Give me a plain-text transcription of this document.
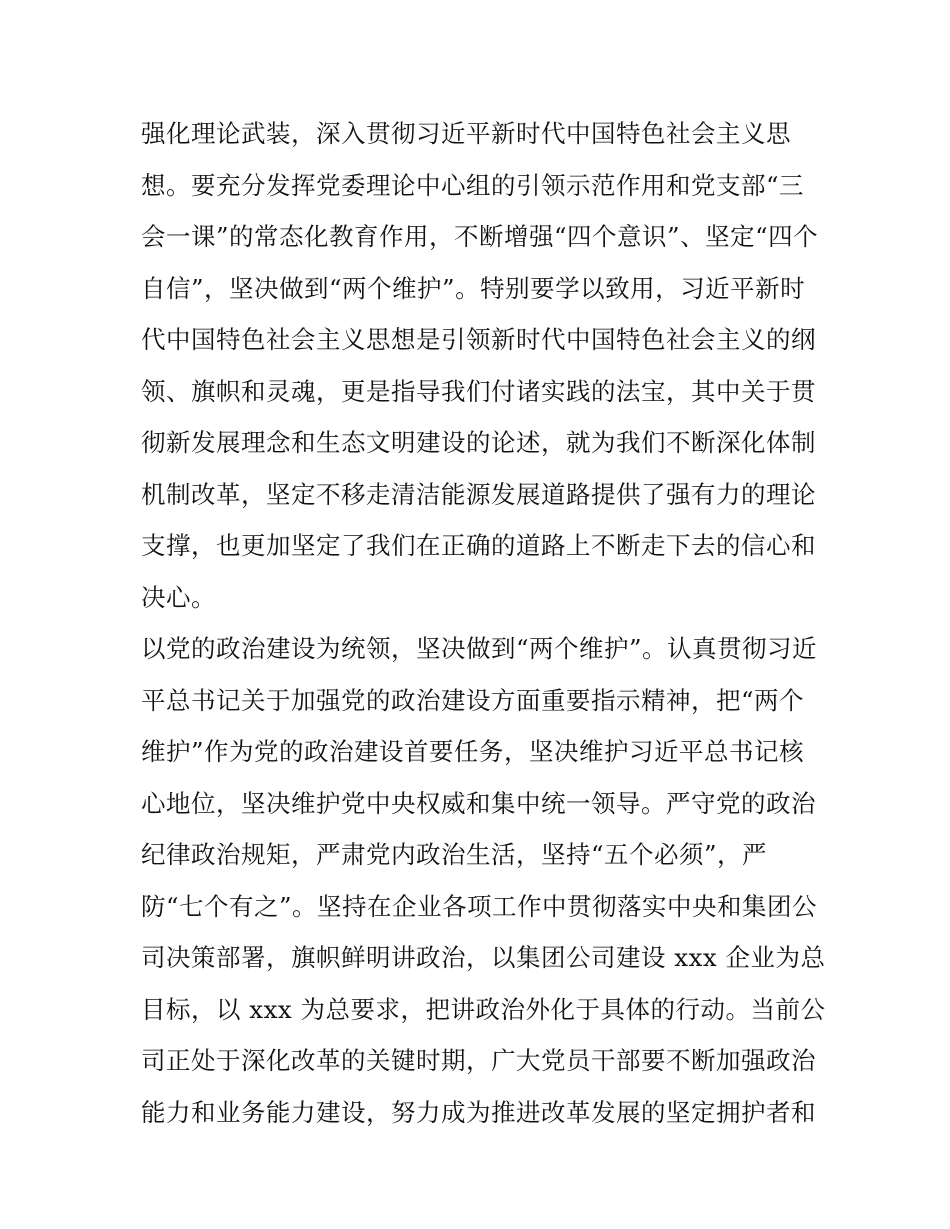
强化理论武装，深入贯彻习近平新时代中国特色社会主义思
想。要充分发挥党委理论中心组的引领示范作用和党支部“三
会一课”的常态化教育作用，不断增强“四个意识”、坚定“四个
自信”，坚决做到“两个维护”。特别要学以致用，习近平新时
代中国特色社会主义思想是引领新时代中国特色社会主义的纲
领、旗帜和灵魂，更是指导我们付诸实践的法宝，其中关于贯
彻新发展理念和生态文明建设的论述，就为我们不断深化体制
机制改革，坚定不移走清洁能源发展道路提供了强有力的理论
支撑，也更加坚定了我们在正确的道路上不断走下去的信心和
决心。
以党的政治建设为统领，坚决做到“两个维护”。认真贯彻习近
平总书记关于加强党的政治建设方面重要指示精神，把“两个
维护”作为党的政治建设首要任务，坚决维护习近平总书记核
心地位，坚决维护党中央权威和集中统一领导。严守党的政治
纪律政治规矩，严肃党内政治生活，坚持“五个必须”，严
防“七个有之”。坚持在企业各项工作中贯彻落实中央和集团公
司决策部署，旗帜鲜明讲政治，以集团公司建设 xxx 企业为总
目标，以 xxx 为总要求，把讲政治外化于具体的行动。当前公
司正处于深化改革的关键时期，广大党员干部要不断加强政治
能力和业务能力建设，努力成为推进改革发展的坚定拥护者和
